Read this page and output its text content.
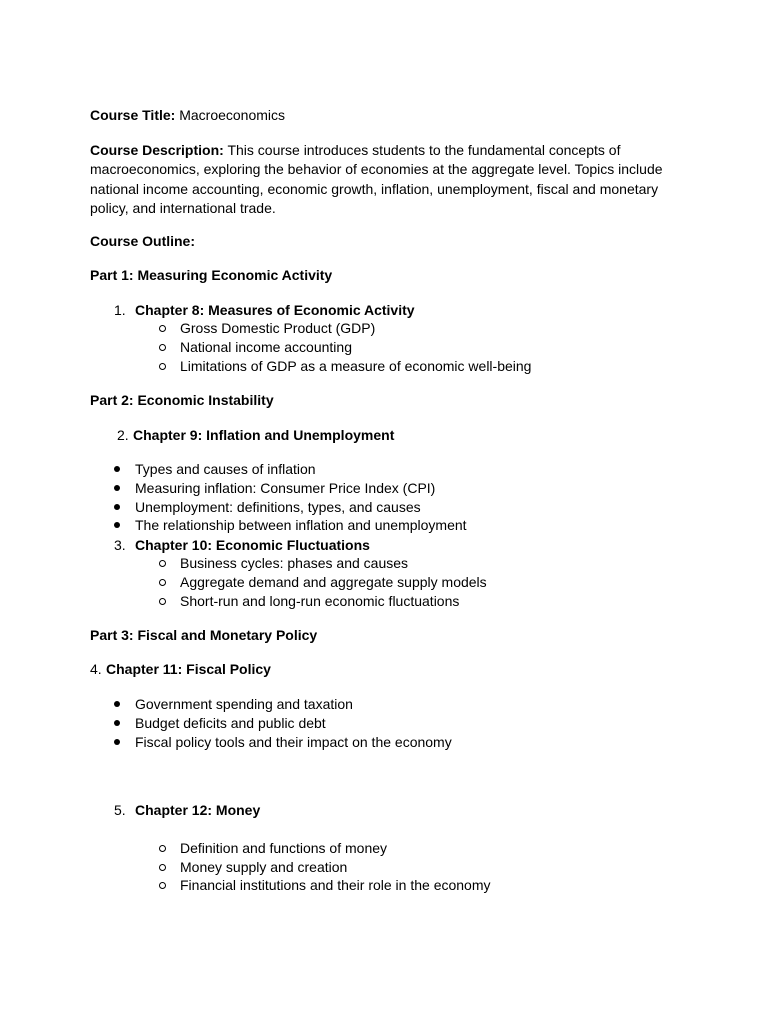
Course Title: Macroeconomics
Course Description: This course introduces students to the fundamental concepts of macroeconomics, exploring the behavior of economies at the aggregate level. Topics include national income accounting, economic growth, inflation, unemployment, fiscal and monetary policy, and international trade.
Course Outline:
Part 1: Measuring Economic Activity
1. Chapter 8: Measures of Economic Activity
Gross Domestic Product (GDP)
National income accounting
Limitations of GDP as a measure of economic well-being
Part 2: Economic Instability
2. Chapter 9: Inflation and Unemployment
Types and causes of inflation
Measuring inflation: Consumer Price Index (CPI)
Unemployment: definitions, types, and causes
The relationship between inflation and unemployment
3. Chapter 10: Economic Fluctuations
Business cycles: phases and causes
Aggregate demand and aggregate supply models
Short-run and long-run economic fluctuations
Part 3: Fiscal and Monetary Policy
4. Chapter 11: Fiscal Policy
Government spending and taxation
Budget deficits and public debt
Fiscal policy tools and their impact on the economy
5. Chapter 12: Money
Definition and functions of money
Money supply and creation
Financial institutions and their role in the economy
